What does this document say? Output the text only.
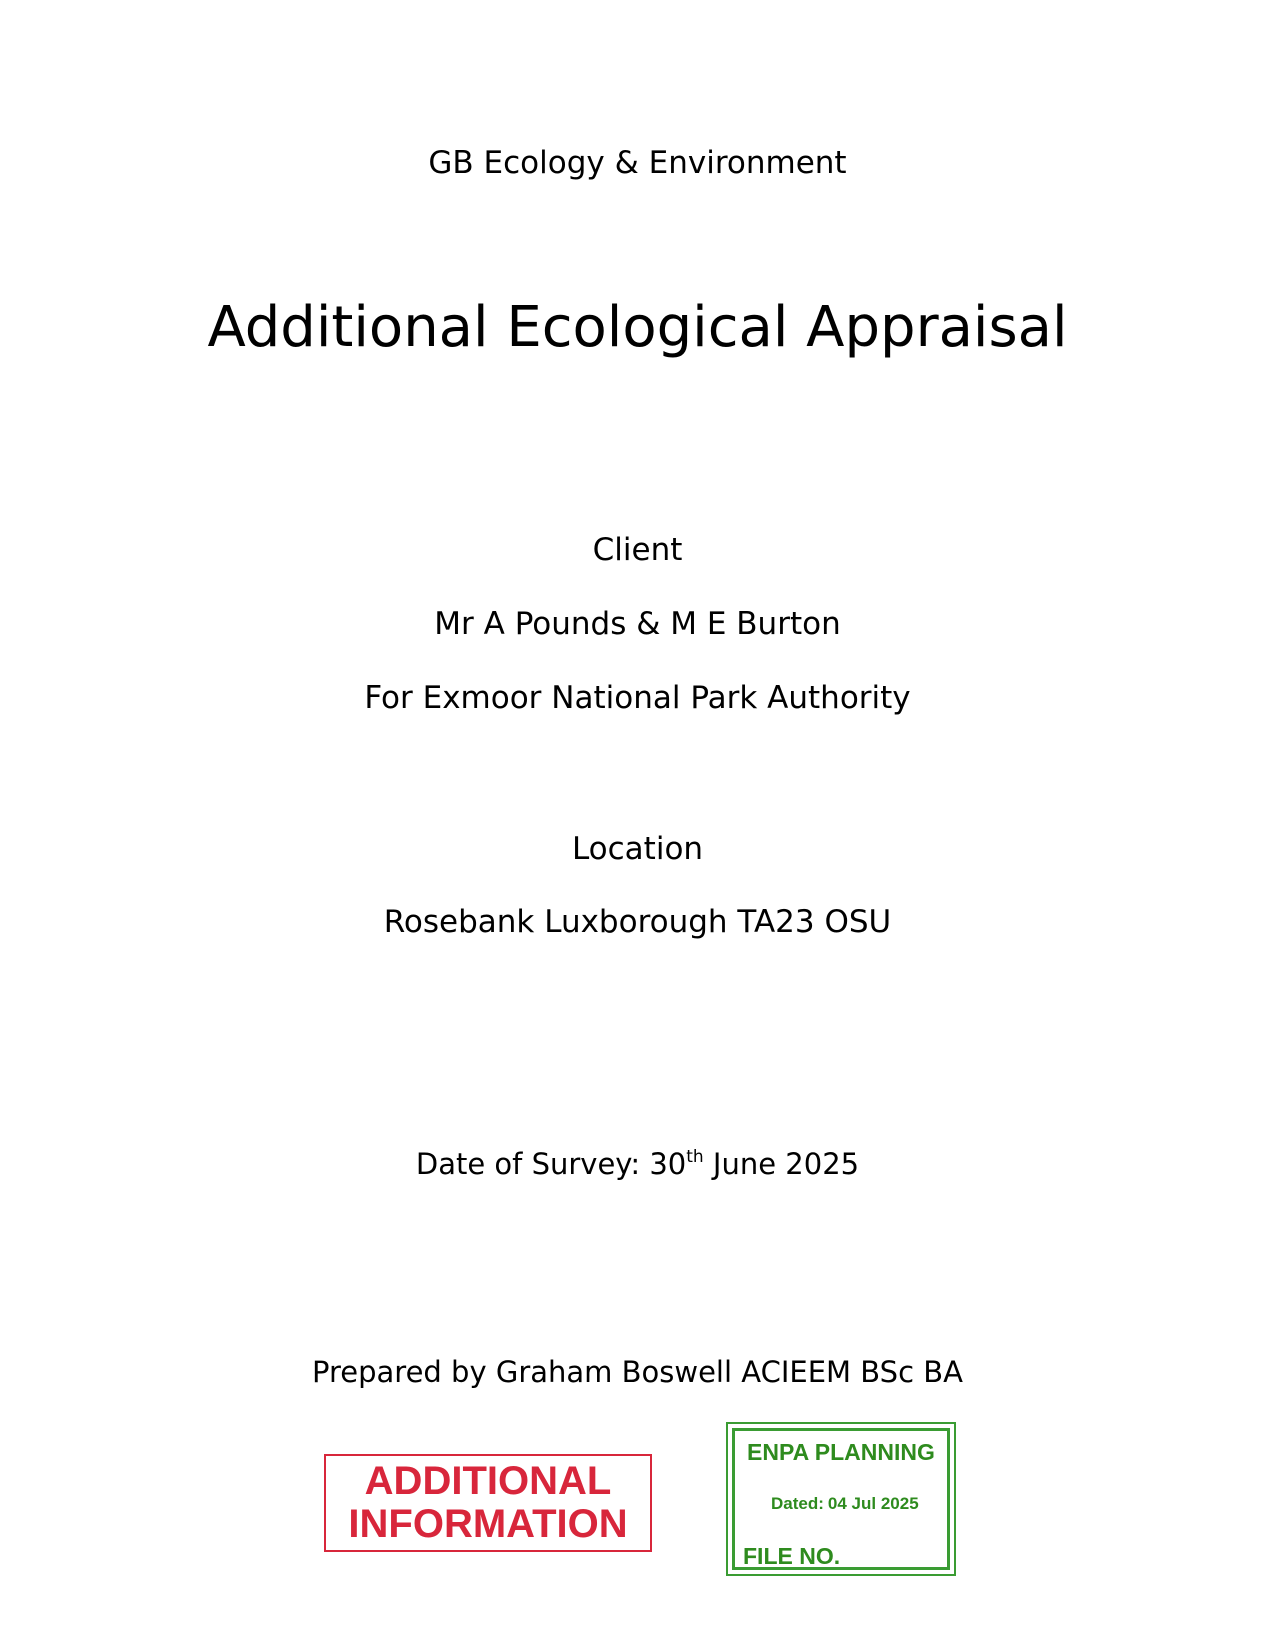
GB Ecology & Environment
Additional Ecological Appraisal
Client
Mr A Pounds & M E Burton
For Exmoor National Park Authority
Location
Rosebank Luxborough TA23 OSU
Date of Survey: 30th June 2025
Prepared by Graham Boswell ACIEEM BSc BA
ADDITIONAL
INFORMATION
ENPA PLANNING
Dated: 04 Jul 2025
FILE NO.
